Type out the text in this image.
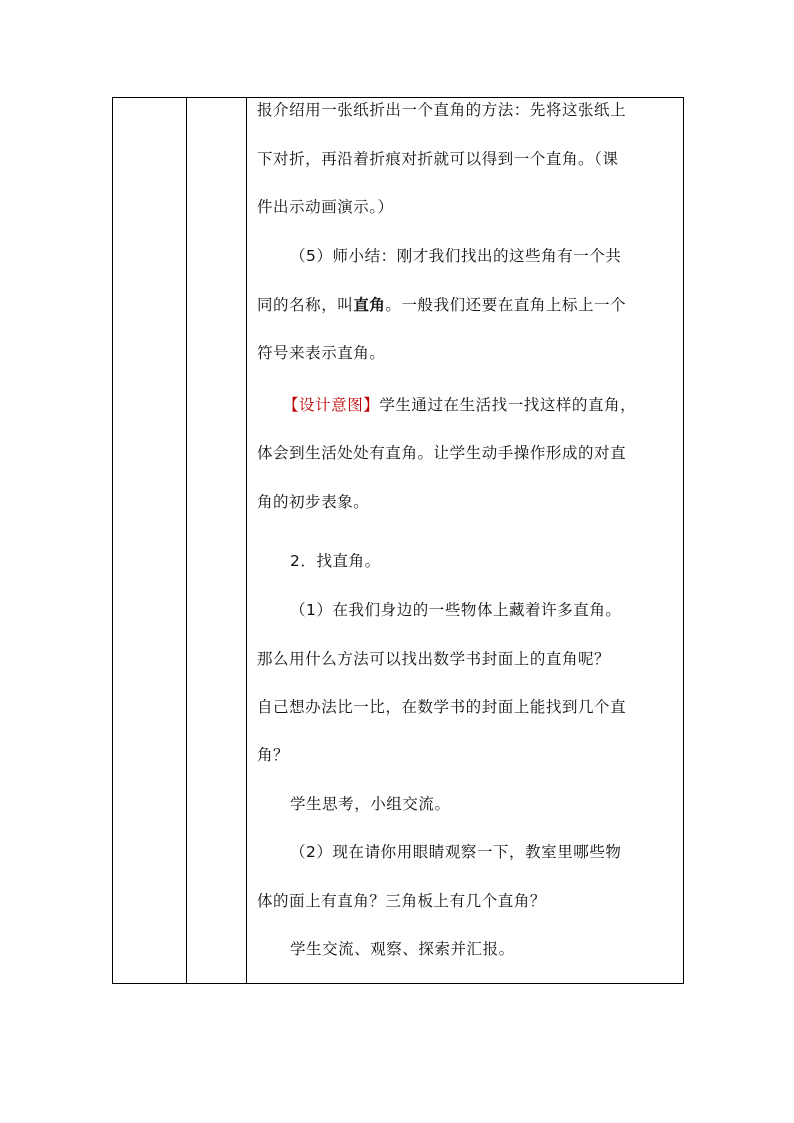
报介绍用一张纸折出一个直角的方法：先将这张纸上
下对折，再沿着折痕对折就可以得到一个直角。（课
件出示动画演示。）
（5）师小结：刚才我们找出的这些角有一个共
同的名称，叫直角。一般我们还要在直角上标上一个
符号来表示直角。
【设计意图】学生通过在生活找一找这样的直角，
体会到生活处处有直角。让学生动手操作形成的对直
角的初步表象。
2．找直角。
（1）在我们身边的一些物体上藏着许多直角。
那么用什么方法可以找出数学书封面上的直角呢？
自己想办法比一比，在数学书的封面上能找到几个直
角？
学生思考，小组交流。
（2）现在请你用眼睛观察一下，教室里哪些物
体的面上有直角？三角板上有几个直角？
学生交流、观察、探索并汇报。
